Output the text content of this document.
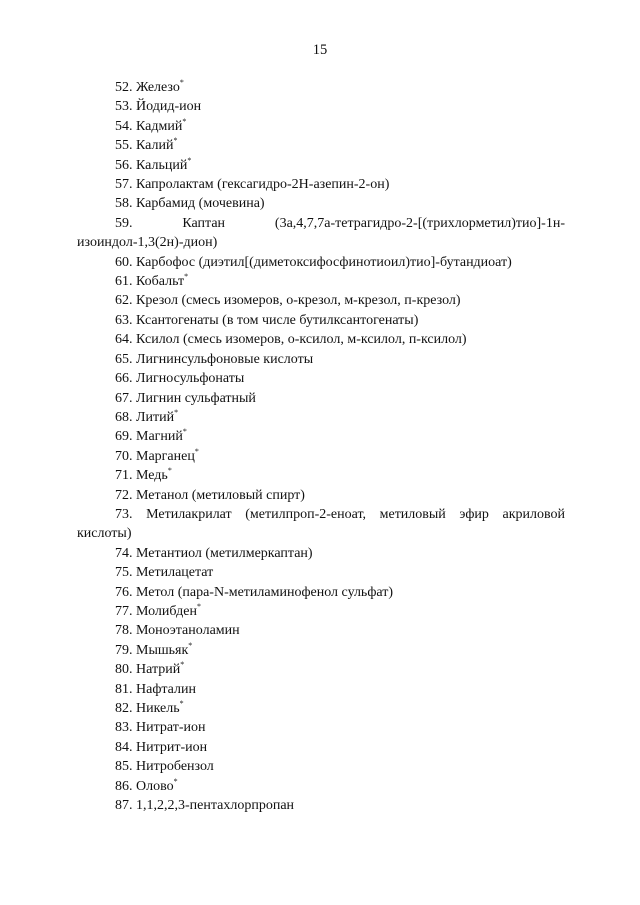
15
52 . Железо*
53 . Йодид-ион
54 . Кадмий*
55 . Калий*
56 . Кальций*
57 . Капролактам (гексагидро-2Н-азепин-2-он)
58 . Карбамид (мочевина)
59 .	Каптан (3а,4,7,7а-тетрагидро-2-[(трихлорметил)тио]-1н-изоиндол-1,3(2н)-дион)
60 . Карбофос (диэтил[(диметоксифосфинотиоил)тио]-бутандиоат)
61 . Кобальт*
62 . Крезол (смесь изомеров, о-крезол, м-крезол, п-крезол)
63 . Ксантогенаты (в том числе бутилксантогенаты)
64 . Ксилол (смесь изомеров, о-ксилол, м-ксилол, п-ксилол)
65 . Лигнинсульфоновые кислоты
66 . Лигносульфонаты
67 . Лигнин сульфатный
68 . Литий*
69 . Магний*
70 . Марганец*
71 . Медь*
72 . Метанол (метиловый спирт)
73 . Метилакрилат (метилпроп-2-еноат, метиловый эфир акриловой кислоты)
74 . Метантиол (метилмеркаптан)
75 . Метилацетат
76 . Метол (пара-N-метиламинофенол сульфат)
77 . Молибден*
78 . Моноэтаноламин
79 . Мышьяк*
80 . Натрий*
81 . Нафталин
82 . Никель*
83 . Нитрат-ион
84 . Нитрит-ион
85 . Нитробензол
86 . Олово*
87 . 1,1,2,2,3-пентахлорпропан
